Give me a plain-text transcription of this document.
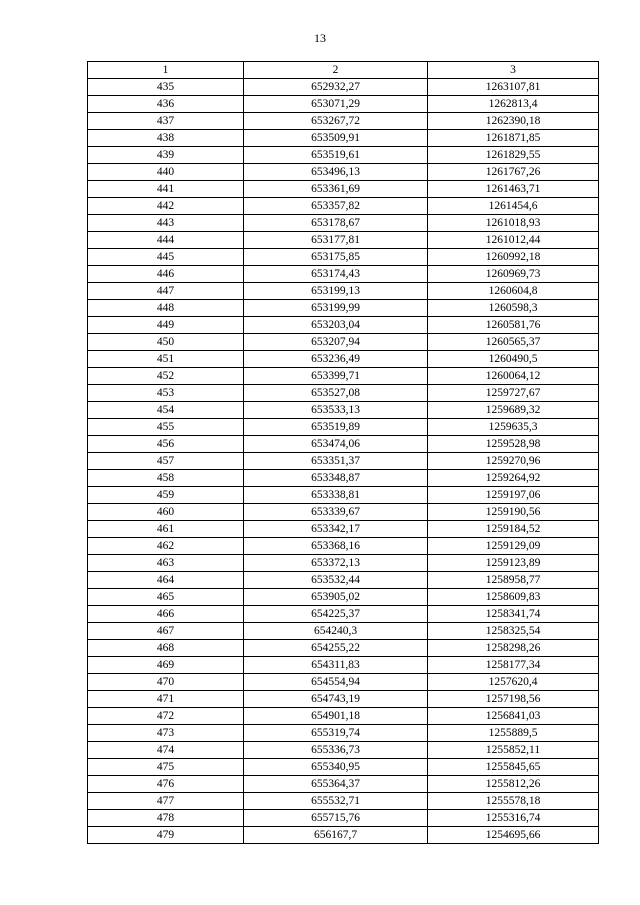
13
1	2	3
435	652932,27	1263107,81
436	653071,29	1262813,4
437	653267,72	1262390,18
438	653509,91	1261871,85
439	653519,61	1261829,55
440	653496,13	1261767,26
441	653361,69	1261463,71
442	653357,82	1261454,6
443	653178,67	1261018,93
444	653177,81	1261012,44
445	653175,85	1260992,18
446	653174,43	1260969,73
447	653199,13	1260604,8
448	653199,99	1260598,3
449	653203,04	1260581,76
450	653207,94	1260565,37
451	653236,49	1260490,5
452	653399,71	1260064,12
453	653527,08	1259727,67
454	653533,13	1259689,32
455	653519,89	1259635,3
456	653474,06	1259528,98
457	653351,37	1259270,96
458	653348,87	1259264,92
459	653338,81	1259197,06
460	653339,67	1259190,56
461	653342,17	1259184,52
462	653368,16	1259129,09
463	653372,13	1259123,89
464	653532,44	1258958,77
465	653905,02	1258609,83
466	654225,37	1258341,74
467	654240,3	1258325,54
468	654255,22	1258298,26
469	654311,83	1258177,34
470	654554,94	1257620,4
471	654743,19	1257198,56
472	654901,18	1256841,03
473	655319,74	1255889,5
474	655336,73	1255852,11
475	655340,95	1255845,65
476	655364,37	1255812,26
477	655532,71	1255578,18
478	655715,76	1255316,74
479	656167,7	1254695,66
